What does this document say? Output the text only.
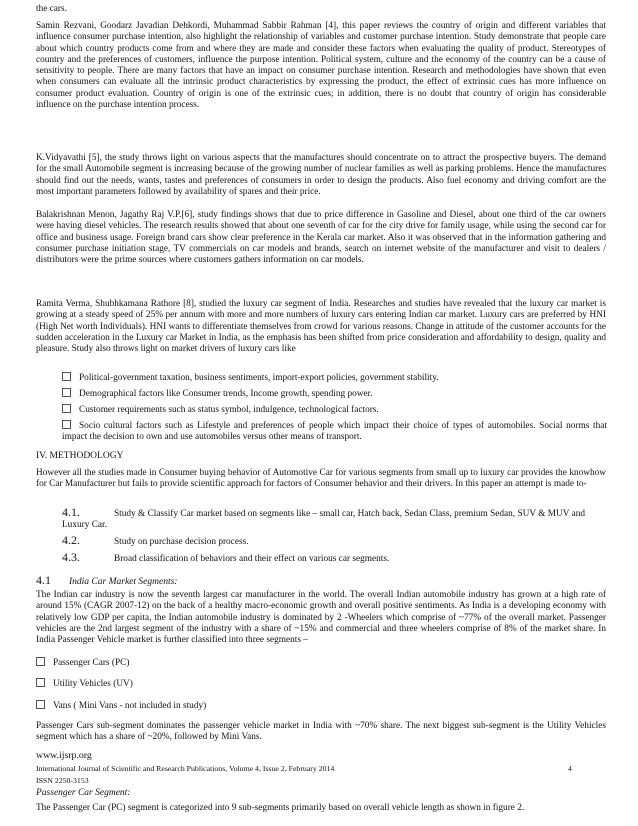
the cars.

Samin Rezvani, Goodarz Javadian Dehkordi, Muhammad Sabbir Rahman [4], this paper reviews the country of origin and different variables that influence consumer purchase intention, also highlight the relationship of variables and customer purchase intention. Study demonstrate that people care about which country products come from and where they are made and consider these factors when evaluating the quality of product. Stereotypes of country and the preferences of customers, influence the purpose intention. Political system, culture and the economy of the country can be a cause of sensitivity to people. There are many factors that have an impact on consumer purchase intention. Research and methodologies have shown that even when consumers can evaluate all the intrinsic product characteristics by expressing the product, the effect of extrinsic cues has more influence on consumer product evaluation. Country of origin is one of the extrinsic cues; in addition, there is no doubt that country of origin has considerable influence on the purchase intention process.

K.Vidyavathi [5], the study throws light on various aspects that the manufactures should concentrate on to attract the prospective buyers. The demand for the small Automobile segment is increasing because of the growing number of nuclear families as well as parking problems. Hence the manufactures should find out the needs, wants, tastes and preferences of consumers in order to design the products. Also fuel economy and driving comfort are the most important parameters followed by availability of spares and their price.

Balakrishnan Menon, Jagathy Raj V.P.[6], study findings shows that due to price difference in Gasoline and Diesel, about one third of the car owners were having diesel vehicles. The research results showed that about one seventh of car for the city drive for family usage, while using the second car for office and business usage. Foreign brand cars show clear preference in the Kerala car market. Also it was observed that in the information gathering and consumer purchase initiation stage, TV commercials on car models and brands, search on internet website of the manufacturer and visit to dealers / distributors were the prime sources where customers gathers information on car models.

Ramita Verma, Shubhkamana Rathore [8], studied the luxury car segment of India. Researches and studies have revealed that the luxury car market is growing at a steady speed of 25% per annum with more and more numbers of luxury cars entering Indian car market. Luxury cars are preferred by HNI (High Net worth Individuals). HNI wants to differentiate themselves from crowd for various reasons. Change in attitude of the customer accounts for the sudden acceleration in the Luxury car Market in India, as the emphasis has been shifted from price consideration and affordability to design, quality and pleasure. Study also throws light on market drivers of luxury cars like

Political-government taxation, business sentiments, import-export policies, government stability.
Demographical factors like Consumer trends, Income growth, spending power.
Customer requirements such as status symbol, indulgence, technological factors.
Socio cultural factors such as Lifestyle and preferences of people which impact their choice of types of automobiles. Social norms that impact the decision to own and use automobiles versus other means of transport.
IV. METHODOLOGY

However all the studies made in Consumer buying behavior of Automotive Car for various segments from small up to luxury car provides the knowhow for Car Manufacturer but fails to provide scientific approach for factors of Consumer behavior and their drivers. In this paper an attempt is made to-

4.1.	Study & Classify Car market based on segments like – small car, Hatch back, Sedan Class, premium Sedan, SUV & MUV and Luxury Car.
4.2.	Study on purchase decision process.
4.3.	Broad classification of behaviors and their effect on various car segments.
4.1 India Car Market Segments:

The Indian car industry is now the seventh largest car manufacturer in the world. The overall Indian automobile industry has grown at a high rate of around 15% (CAGR 2007-12) on the back of a healthy macro-economic growth and overall positive sentiments. As India is a developing economy with relatively low GDP per capita, the Indian automobile industry is dominated by 2 -Wheelers which comprise of ~77% of the overall market. Passenger vehicles are the 2nd largest segment of the industry with a share of ~15% and commercial and three wheelers comprise of 8% of the market share. In India Passenger Vehicle market is further classified into three segments –

Passenger Cars (PC)
Utility Vehicles (UV)
Vans ( Mini Vans - not included in study)

Passenger Cars sub-segment dominates the passenger vehicle market in India with ~70% share. The next biggest sub-segment is the Utility Vehicles segment which has a share of ~20%, followed by Mini Vans.

www.ijsrp.org
International Journal of Scientific and Research Publications, Volume 4, Issue 2, February 2014	4
ISSN 2250-3153
Passenger Car Segment:

The Passenger Car (PC) segment is categorized into 9 sub-segments primarily based on overall vehicle length as shown in figure 2.
